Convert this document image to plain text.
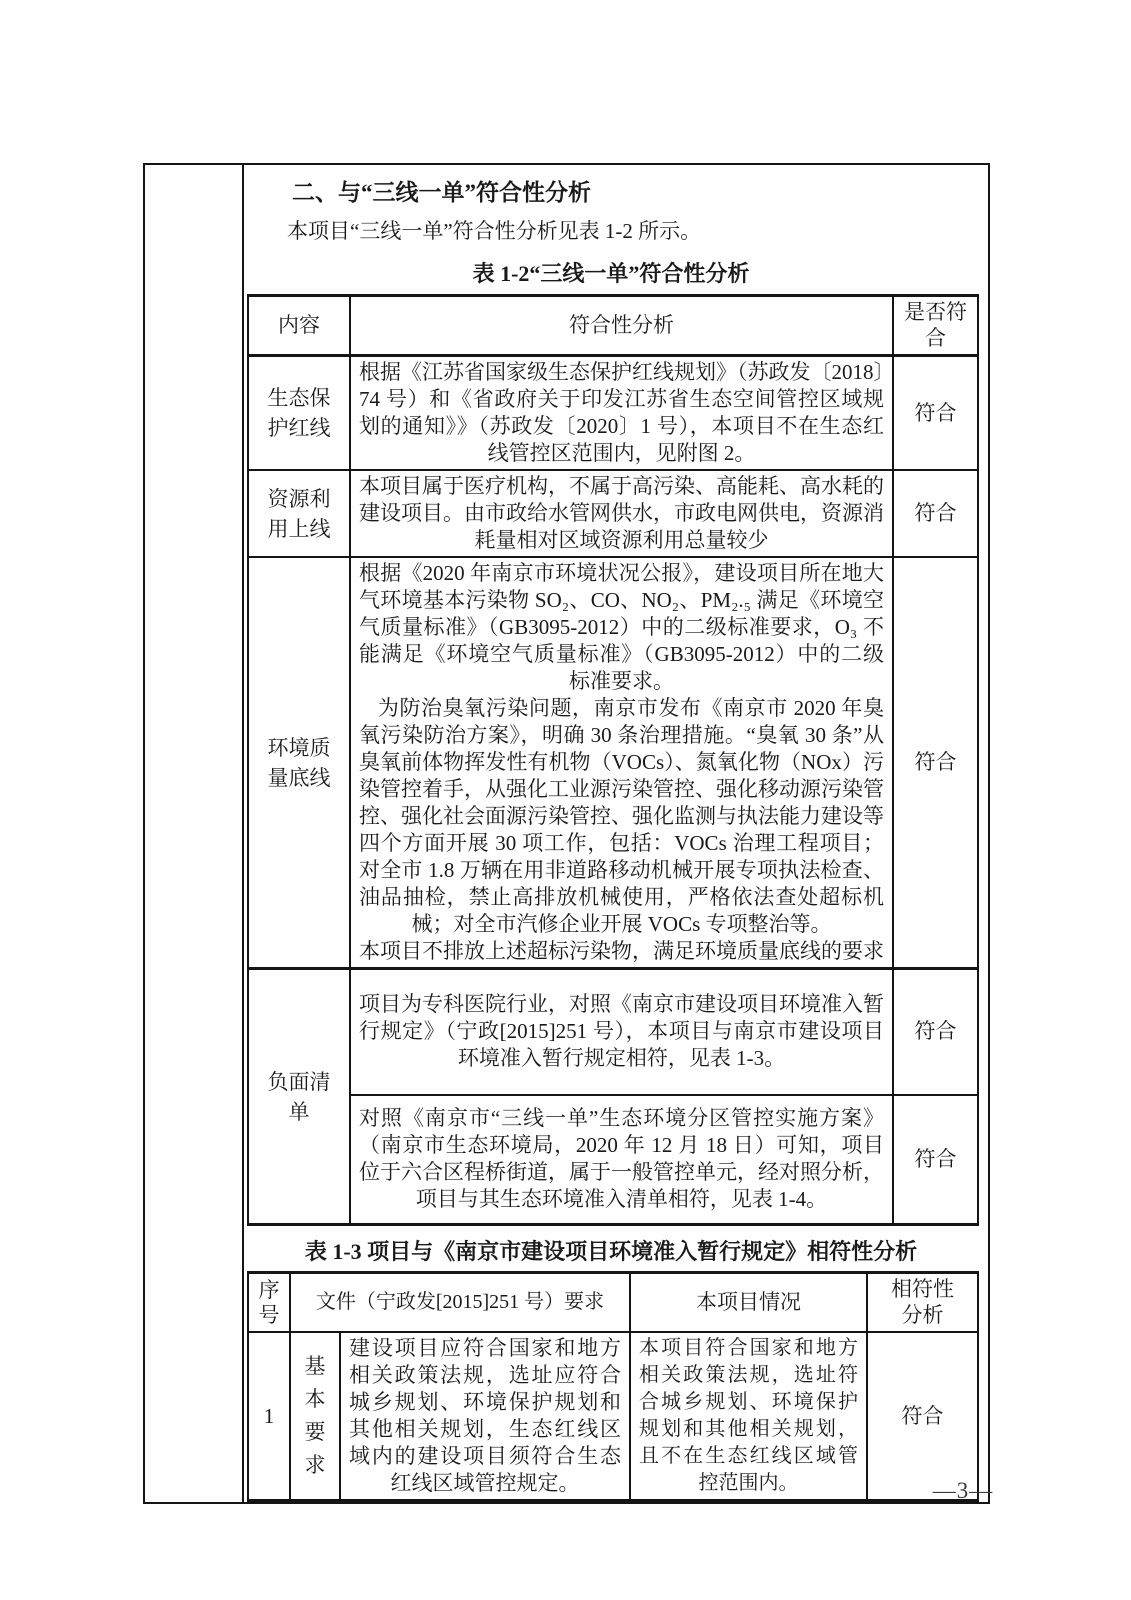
二、与“三线一单”符合性分析
本项目“三线一单”符合性分析见表 1-2 所示。
表 1-2“三线一单”符合性分析
内容	符合性分析	是否符合
生态保护红线	根据《江苏省国家级生态保护红线规划》（苏政发〔2018〕74 号）和《省政府关于印发江苏省生态空间管控区域规划的通知》》（苏政发〔2020〕1 号），本项目不在生态红线管控区范围内，见附图 2。	符合
资源利用上线	本项目属于医疗机构，不属于高污染、高能耗、高水耗的建设项目。由市政给水管网供水，市政电网供电，资源消耗量相对区域资源利用总量较少	符合
环境质量底线	根据《2020 年南京市环境状况公报》，建设项目所在地大气环境基本污染物 SO₂、CO、NO₂、PM₂.₅ 满足《环境空气质量标准》（GB3095-2012）中的二级标准要求，O₃ 不能满足《环境空气质量标准》（GB3095-2012）中的二级标准要求。

为防治臭氧污染问题，南京市发布《南京市 2020 年臭氧污染防治方案》，明确 30 条治理措施。“臭氧 30 条”从臭氧前体物挥发性有机物（VOCs）、氮氧化物（NOx）污染管控着手，从强化工业源污染管控、强化移动源污染管控、强化社会面源污染管控、强化监测与执法能力建设等四个方面开展 30 项工作，包括：VOCs 治理工程项目；对全市 1.8 万辆在用非道路移动机械开展专项执法检查、油品抽检，禁止高排放机械使用，严格依法查处超标机械；对全市汽修企业开展 VOCs 专项整治等。

本项目不排放上述超标污染物，满足环境质量底线的要求	符合
负面清单	项目为专科医院行业，对照《南京市建设项目环境准入暂行规定》（宁政[2015]251 号），本项目与南京市建设项目环境准入暂行规定相符，见表 1-3。	符合
	对照《南京市“三线一单”生态环境分区管控实施方案》（南京市生态环境局，2020 年 12 月 18 日）可知，项目位于六合区程桥街道，属于一般管控单元，经对照分析，项目与其生态环境准入清单相符，见表 1-4。	符合
表 1-3 项目与《南京市建设项目环境准入暂行规定》相符性分析
序号	文件（宁政发[2015]251 号）要求		本项目情况	相符性分析
1	基本要求	建设项目应符合国家和地方相关政策法规，选址应符合城乡规划、环境保护规划和其他相关规划，生态红线区域内的建设项目须符合生态红线区域管控规定。	本项目符合国家和地方相关政策法规，选址符合城乡规划、环境保护规划和其他相关规划，且不在生态红线区域管控范围内。	符合
—3—
